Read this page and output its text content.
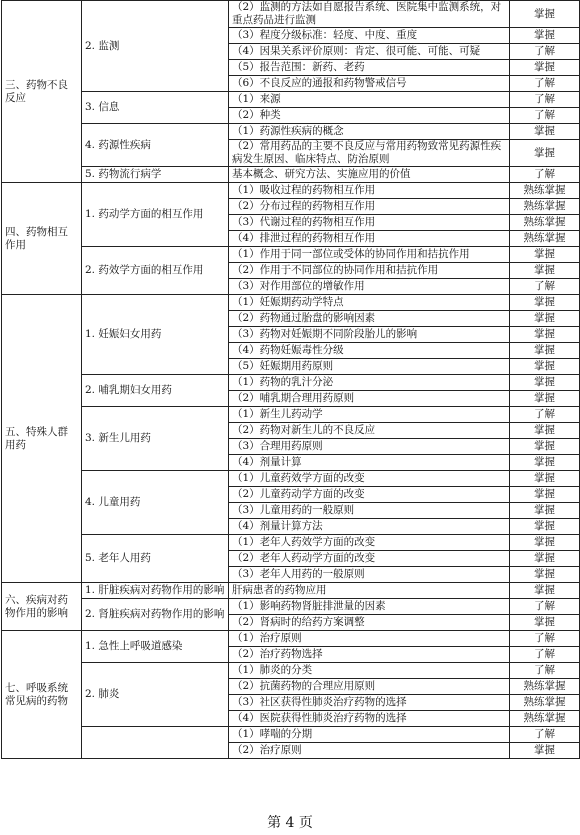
三、药物不良反应	2. 监测	（2）监测的方法如自愿报告系统、医院集中监测系统，对重点药品进行监测	掌握
		（3）程度分级标准：轻度、中度、重度	掌握
		（4）因果关系评价原则：肯定、很可能、可能、可疑	了解
		（5）报告范围：新药、老药	掌握
		（6）不良反应的通报和药物警戒信号	了解
	3. 信息	（1）来源	了解
		（2）种类	了解
	4. 药源性疾病	（1）药源性疾病的概念	掌握
		（2）常用药品的主要不良反应与常用药物致常见药源性疾病发生原因、临床特点、防治原则	掌握
	5. 药物流行病学	基本概念、研究方法、实施应用的价值	了解
四、药物相互作用	1. 药动学方面的相互作用	（1）吸收过程的药物相互作用	熟练掌握
		（2）分布过程的药物相互作用	熟练掌握
		（3）代谢过程的药物相互作用	熟练掌握
		（4）排泄过程的药物相互作用	熟练掌握
	2. 药效学方面的相互作用	（1）作用于同一部位或受体的协同作用和拮抗作用	掌握
		（2）作用于不同部位的协同作用和拮抗作用	掌握
		（3）对作用部位的增敏作用	了解
五、特殊人群用药	1. 妊娠妇女用药	（1）妊娠期药动学特点	掌握
		（2）药物通过胎盘的影响因素	掌握
		（3）药物对妊娠期不同阶段胎儿的影响	掌握
		（4）药物妊娠毒性分级	掌握
		（5）妊娠期用药原则	掌握
	2. 哺乳期妇女用药	（1）药物的乳汁分泌	掌握
		（2）哺乳期合理用药原则	掌握
	3. 新生儿用药	（1）新生儿药动学	了解
		（2）药物对新生儿的不良反应	掌握
		（3）合理用药原则	掌握
		（4）剂量计算	掌握
	4. 儿童用药	（1）儿童药效学方面的改变	掌握
		（2）儿童药动学方面的改变	掌握
		（3）儿童用药的一般原则	掌握
		（4）剂量计算方法	掌握
	5. 老年人用药	（1）老年人药效学方面的改变	掌握
		（2）老年人药动学方面的改变	掌握
		（3）老年人用药的一般原则	掌握
六、疾病对药物作用的影响	1. 肝脏疾病对药物作用的影响	肝病患者的药物应用	掌握
	2. 肾脏疾病对药物作用的影响	（1）影响药物肾脏排泄量的因素	了解
		（2）肾病时的给药方案调整	掌握
七、呼吸系统常见病的药物	1. 急性上呼吸道感染	（1）治疗原则	了解
		（2）治疗药物选择	了解
	2. 肺炎	（1）肺炎的分类	了解
		（2）抗菌药物的合理应用原则	熟练掌握
		（3）社区获得性肺炎治疗药物的选择	熟练掌握
		（4）医院获得性肺炎治疗药物的选择	熟练掌握
		（1）哮喘的分期	了解
		（2）治疗原则	掌握
第 4 页
